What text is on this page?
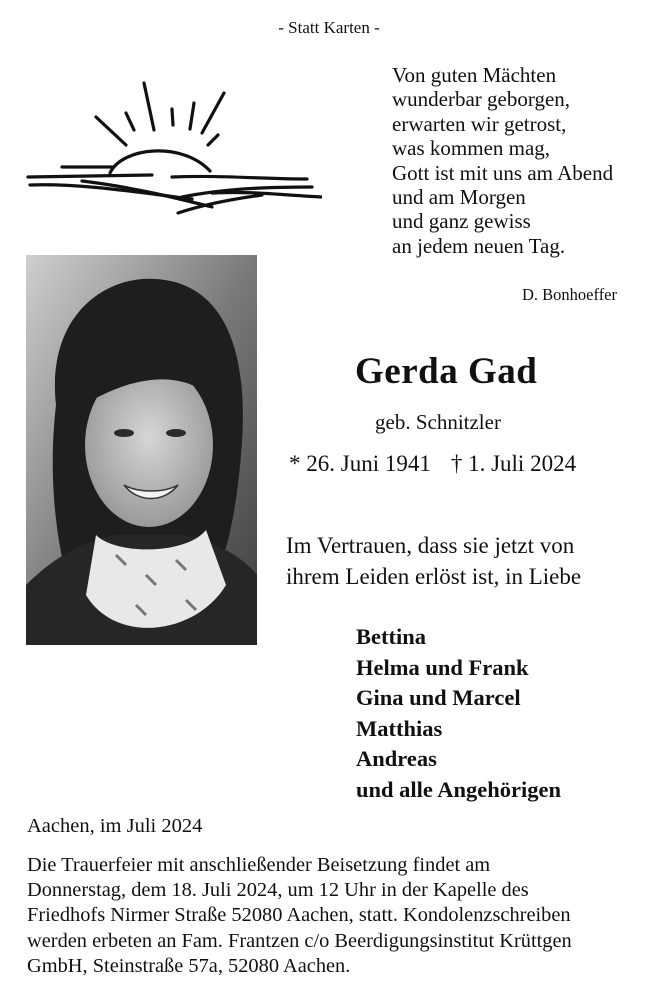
- Statt Karten -
Von guten Mächten
wunderbar geborgen,
erwarten wir getrost,
was kommen mag,
Gott ist mit uns am Abend
und am Morgen
und ganz gewiss
an jedem neuen Tag.
D. Bonhoeffer
Gerda Gad
geb. Schnitzler
* 26. Juni 1941 † 1. Juli 2024
Im Vertrauen, dass sie jetzt von
ihrem Leiden erlöst ist, in Liebe
Bettina
Helma und Frank
Gina und Marcel
Matthias
Andreas
und alle Angehörigen
Aachen, im Juli 2024
Die Trauerfeier mit anschließender Beisetzung findet am
Donnerstag, dem 18. Juli 2024, um 12 Uhr in der Kapelle des
Friedhofs Nirmer Straße 52080 Aachen, statt. Kondolenzschreiben
werden erbeten an Fam. Frantzen c/o Beerdigungsinstitut Krüttgen
GmbH, Steinstraße 57a, 52080 Aachen.
